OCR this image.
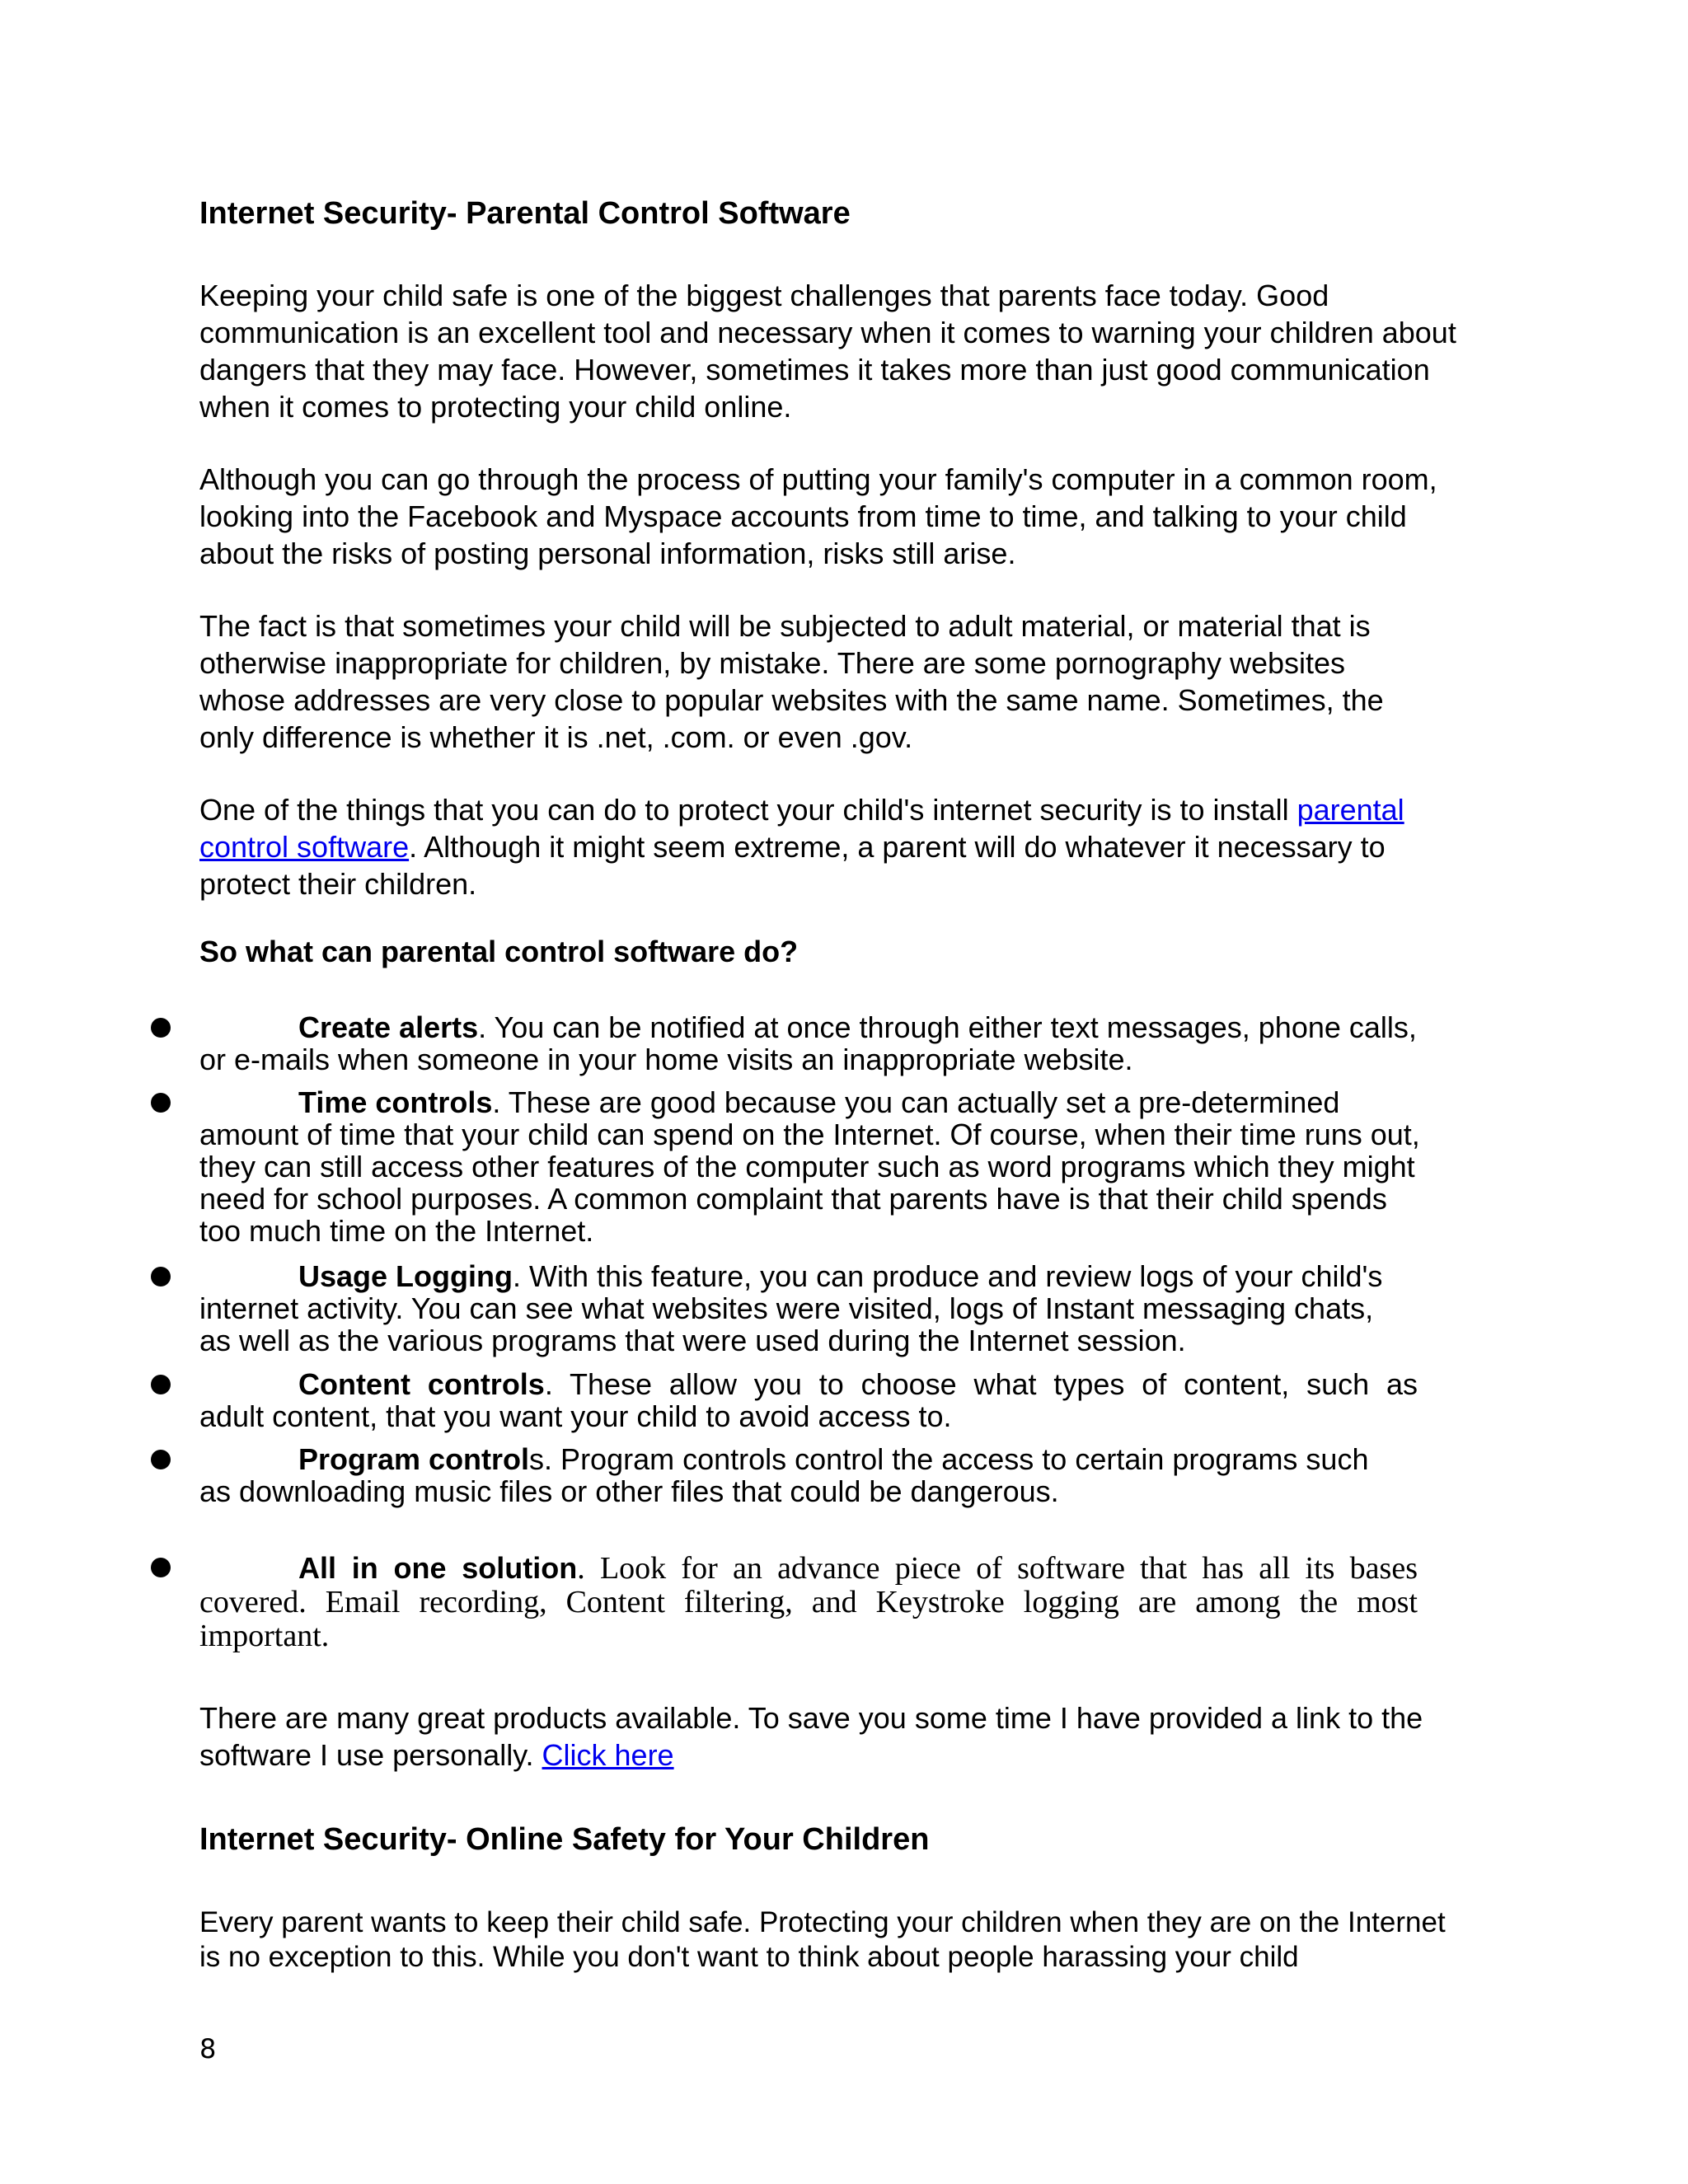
Internet Security- Parental Control Software

Keeping your child safe is one of the biggest challenges that parents face today. Good
communication is an excellent tool and necessary when it comes to warning your children about
dangers that they may face. However, sometimes it takes more than just good communication
when it comes to protecting your child online.

Although you can go through the process of putting your family's computer in a common room,
looking into the Facebook and Myspace accounts from time to time, and talking to your child
about the risks of posting personal information, risks still arise.

The fact is that sometimes your child will be subjected to adult material, or material that is
otherwise inappropriate for children, by mistake. There are some pornography websites
whose addresses are very close to popular websites with the same name. Sometimes, the
only difference is whether it is .net, .com. or even .gov.

One of the things that you can do to protect your child's internet security is to install parental
control software. Although it might seem extreme, a parent will do whatever it necessary to
protect their children.

So what can parental control software do?

Create alerts. You can be notified at once through either text messages, phone calls,
or e-mails when someone in your home visits an inappropriate website.

Time controls. These are good because you can actually set a pre-determined
amount of time that your child can spend on the Internet. Of course, when their time runs out,
they can still access other features of the computer such as word programs which they might
need for school purposes. A common complaint that parents have is that their child spends
too much time on the Internet.

Usage Logging. With this feature, you can produce and review logs of your child's
internet activity. You can see what websites were visited, logs of Instant messaging chats,
as well as the various programs that were used during the Internet session.

Content controls. These allow you to choose what types of content, such as
adult content, that you want your child to avoid access to.

Program controls. Program controls control the access to certain programs such
as downloading music files or other files that could be dangerous.

All in one solution. Look for an advance piece of software that has all its bases
covered. Email recording, Content filtering, and Keystroke logging are among the most
important.

There are many great products available. To save you some time I have provided a link to the
software I use personally. Click here

Internet Security- Online Safety for Your Children

Every parent wants to keep their child safe. Protecting your children when they are on the Internet
is no exception to this. While you don't want to think about people harassing your child

8
